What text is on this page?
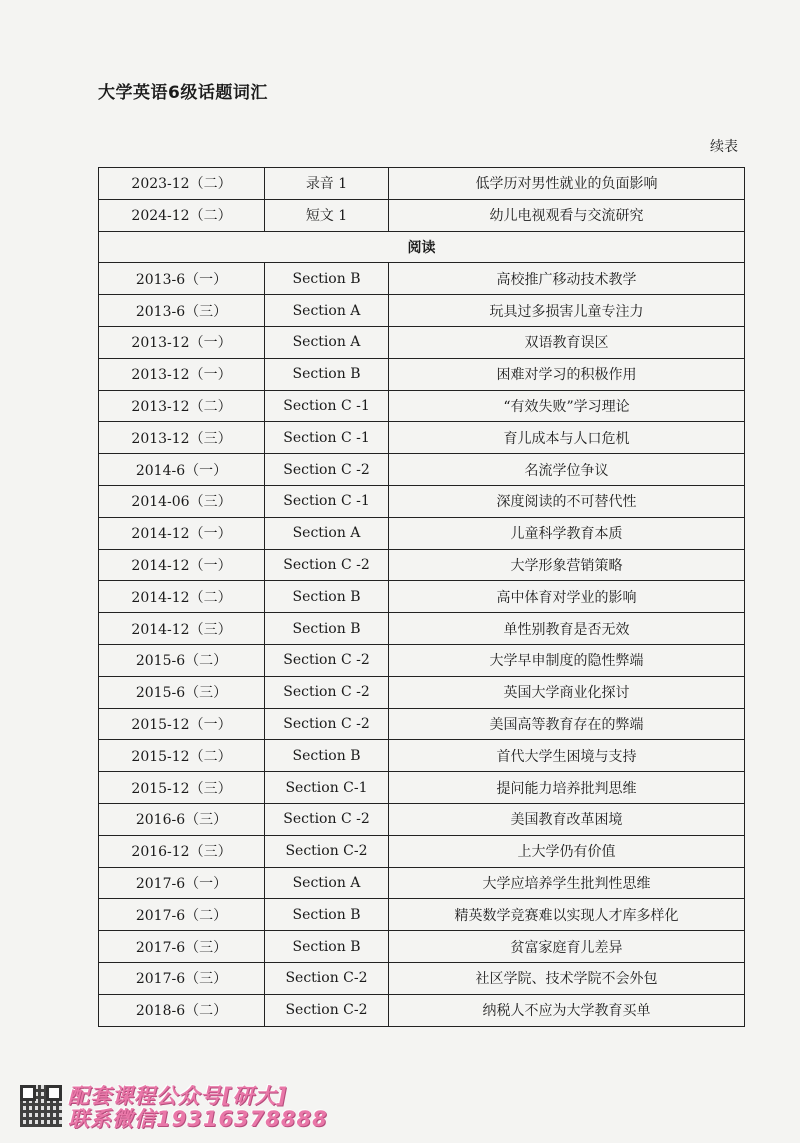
大学英语6级话题词汇
续表
2023-12（二）	录音 1	低学历对男性就业的负面影响
2024-12（二）	短文 1	幼儿电视观看与交流研究
阅读		
2013-6（一）	Section B	高校推广移动技术教学
2013-6（三）	Section A	玩具过多损害儿童专注力
2013-12（一）	Section A	双语教育误区
2013-12（一）	Section B	困难对学习的积极作用
2013-12（二）	Section C -1	“有效失败”学习理论
2013-12（三）	Section C -1	育儿成本与人口危机
2014-6（一）	Section C -2	名流学位争议
2014-06（三）	Section C -1	深度阅读的不可替代性
2014-12（一）	Section A	儿童科学教育本质
2014-12（一）	Section C -2	大学形象营销策略
2014-12（二）	Section B	高中体育对学业的影响
2014-12（三）	Section B	单性别教育是否无效
2015-6（二）	Section C -2	大学早申制度的隐性弊端
2015-6（三）	Section C -2	英国大学商业化探讨
2015-12（一）	Section C -2	美国高等教育存在的弊端
2015-12（二）	Section B	首代大学生困境与支持
2015-12（三）	Section C-1	提问能力培养批判思维
2016-6（三）	Section C -2	美国教育改革困境
2016-12（三）	Section C-2	上大学仍有价值
2017-6（一）	Section A	大学应培养学生批判性思维
2017-6（二）	Section B	精英数学竞赛难以实现人才库多样化
2017-6（三）	Section B	贫富家庭育儿差异
2017-6（三）	Section C-2	社区学院、技术学院不会外包
2018-6（二）	Section C-2	纳税人不应为大学教育买单
配套课程公众号[研大]
联系微信19316378888
